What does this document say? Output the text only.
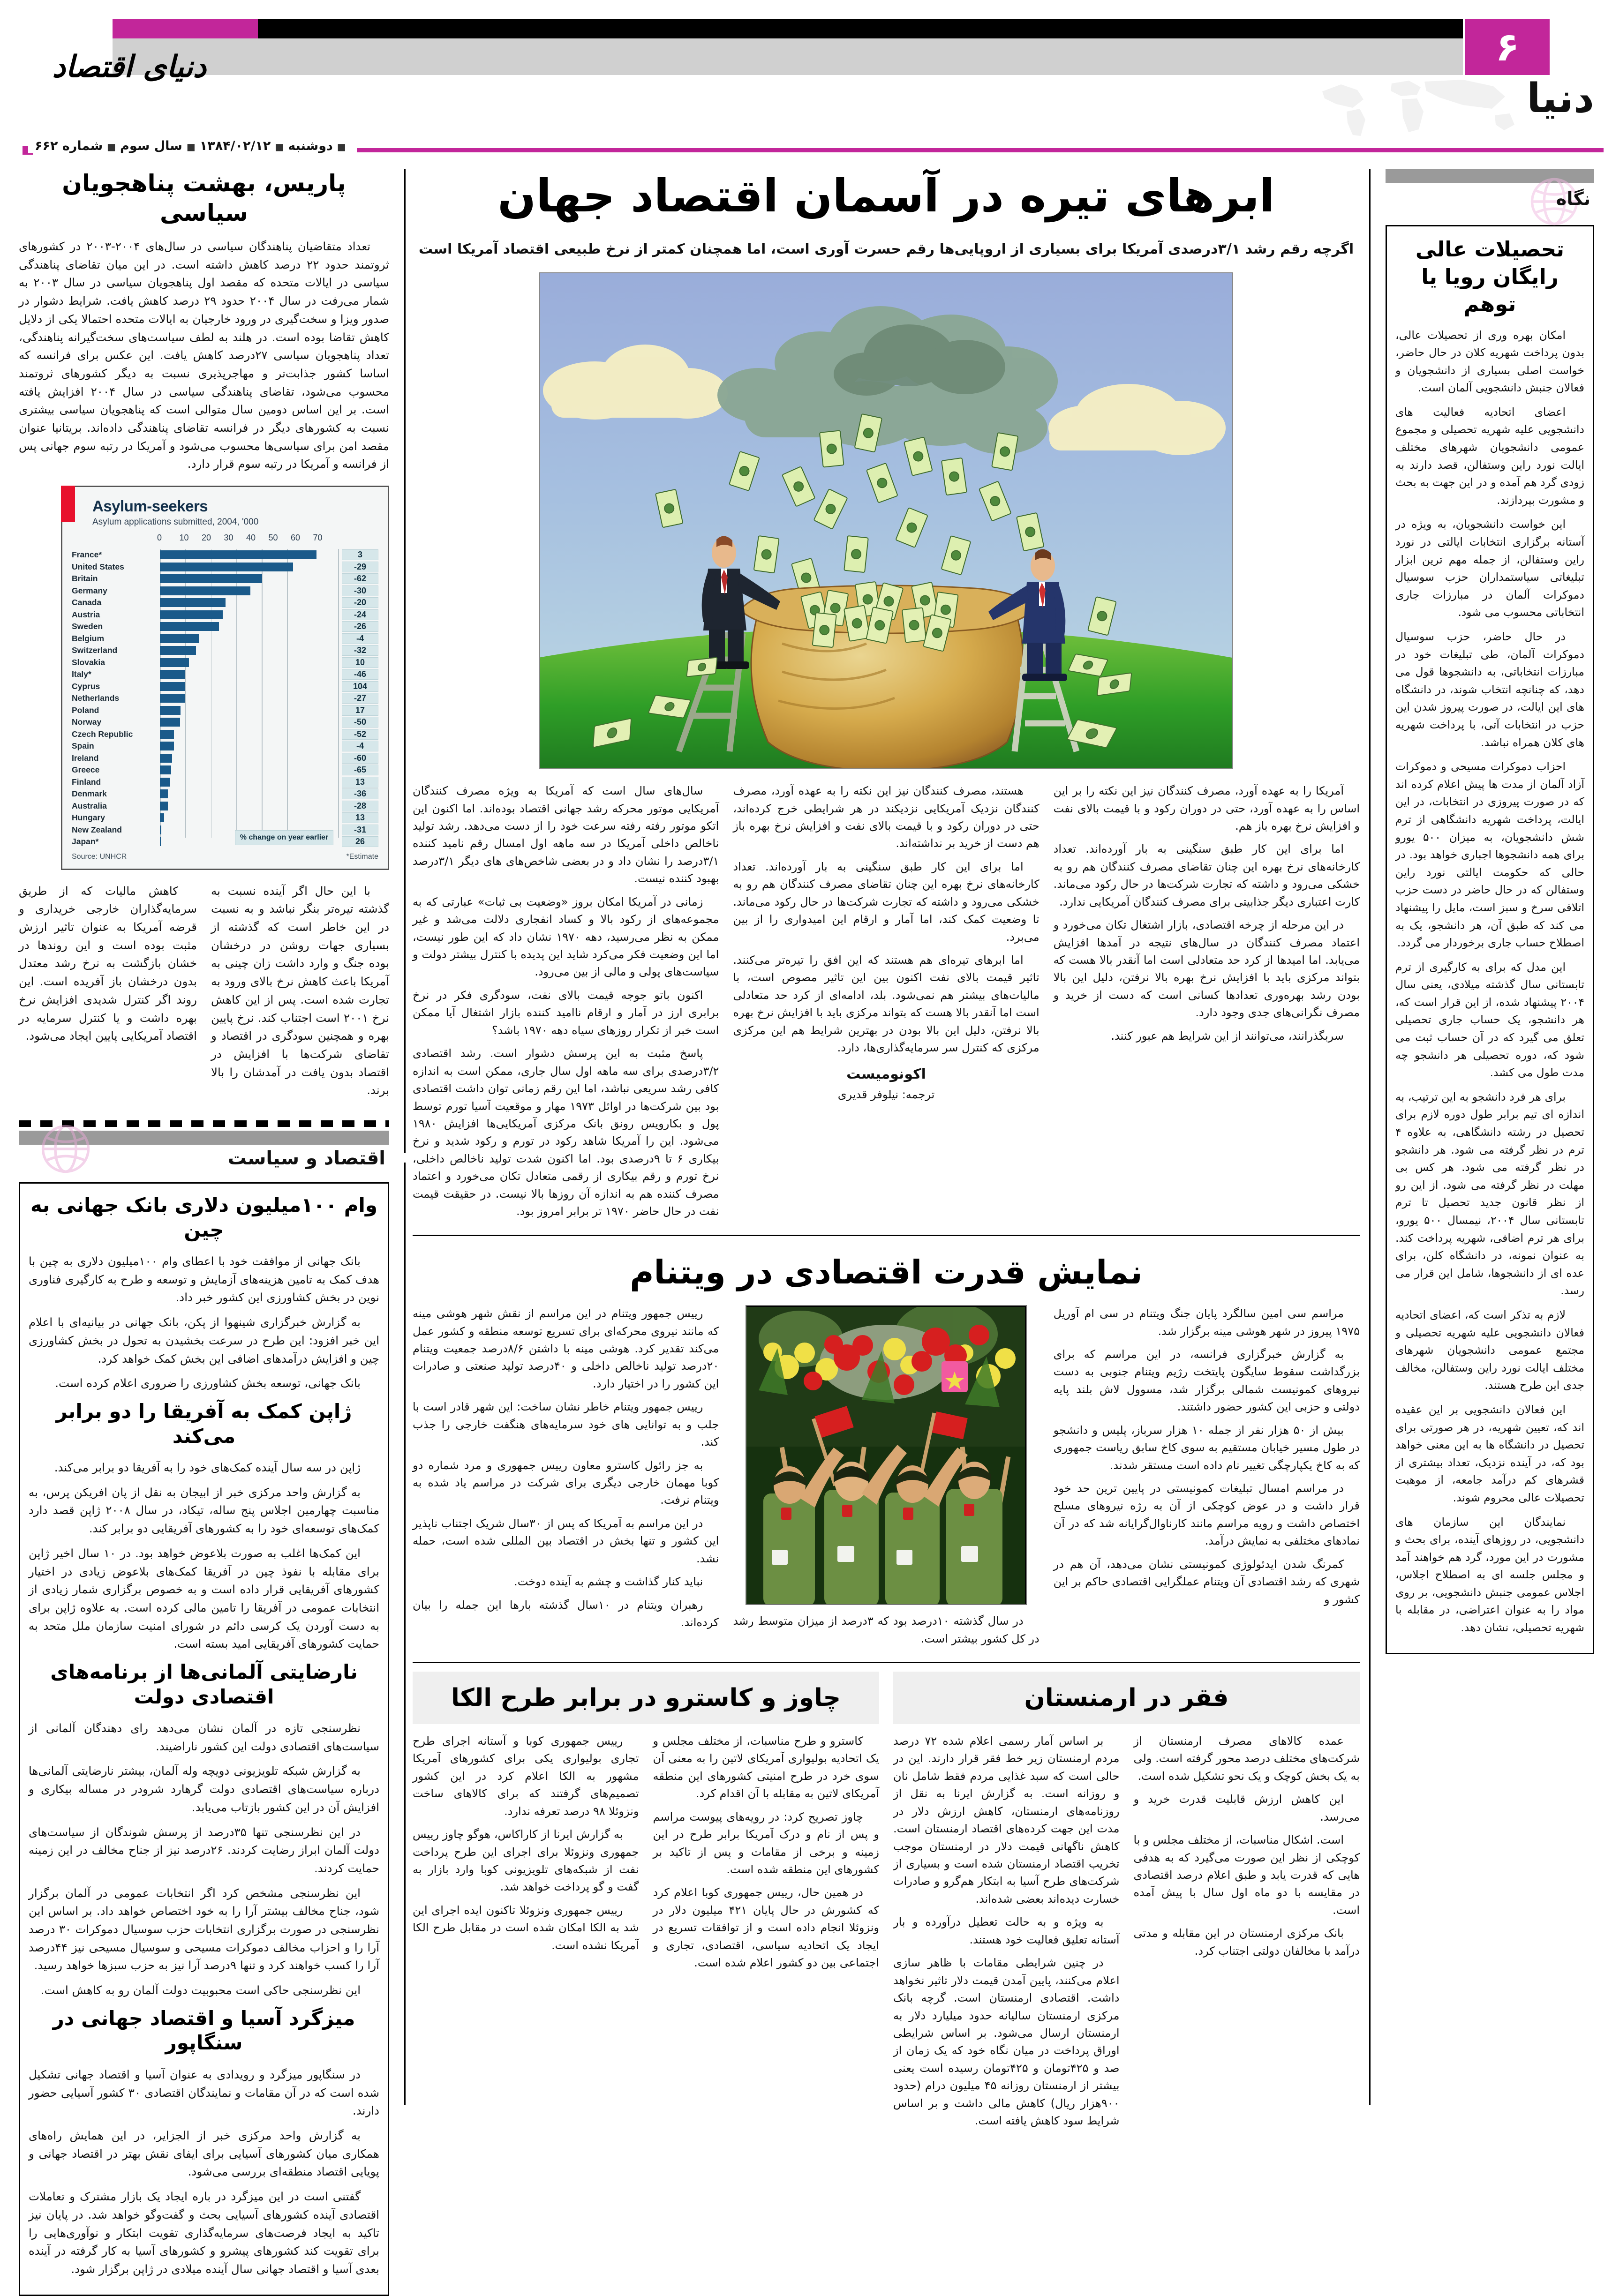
دنیای اقتصاد	۶
دنیا
■دوشنبه■۱۳۸۴/۰۲/۱۲■سال سوم■شماره ۶۶۲
پاریس، بهشت پناهجویان سیاسی

تعداد متقاضیان پناهندگان سیاسی در سال‌های ۲۰۰۴-۲۰۰۳ در کشورهای ثروتمند حدود ۲۲ درصد کاهش داشته است. در این میان تقاضای پناهندگی سیاسی در ایالات متحده که مقصد اول پناهجویان سیاسی در سال ۲۰۰۳ به شمار می‌رفت در سال ۲۰۰۴ حدود ۲۹ درصد کاهش یافت. شرایط دشوار در صدور ویزا و سخت‌گیری در ورود خارجیان به ایالات متحده احتمالا یکی از دلایل کاهش تقاضا بوده است. در هلند به لطف سیاست‌های سخت‌گیرانه پناهندگی، تعداد پناهجویان سیاسی ۲۷درصد کاهش یافت. این عکس برای فرانسه که اساسا کشور جذابت‌تر و مهاجرپذیری نسبت به دیگر کشورهای ثروتمند محسوب می‌شود، تقاضای پناهندگی سیاسی در سال ۲۰۰۴ افزایش یافته است. بر این اساس دومین سال متوالی است که پناهجویان سیاسی بیشتری نسبت به کشورهای دیگر در فرانسه تقاضای پناهندگی داده‌اند. بریتانیا عنوان مقصد امن برای سیاسی‌ها محسوب می‌شود و آمریکا در رتبه سوم جهانی پس از فرانسه و آمریکا در رتبه سوم قرار دارد.

Asylum-seekers
Asylum applications submitted, 2004, '000
0	10	20	30	40	50	60	70
France*	3
United States	-29
Britain	-62
Germany	-30
Canada	-20
Austria	-24
Sweden	-26
Belgium	-4
Switzerland	-32
Slovakia	10
Italy*	-46
Cyprus	104
Netherlands	-27
Poland	17
Norway	-50
Czech Republic	-52
Spain	-4
Ireland	-60
Greece	-65
Finland	13
Denmark	-36
Australia	-28
Hungary	13
New Zealand	-31
Japan*	26
% change on year earlier
Source: UNHCR	*Estimate

با این حال اگر آینده نسبت به گذشته تیره‌تر بنگر نباشد و به نسبت در این خاطر است که گذشته از بسیاری جهات روشن در درخشان بوده جنگ و وارد داشت زان چینی به آمریکا باعث کاهش نرخ بالای ورود به تجارت شده است. پس از این کاهش نرخ ۲۰۰۱ است اجتناب کند. نرخ پایین بهره و همچنین سودگری در اقتصاد و تقاضای شرکت‌ها با افزایش در اقتصاد بدون یافت در آمدشان را بالا برند.

کاهش مالیات که از طریق سرمایه‌گذاران خارجی خریداری و قرضه آمریکا به عنوان تاثیر ارزش مثبت بوده است و این روندها در خشان بازگشت به نرخ رشد معتدل بدون درخشان باز آفریده است. این روند اگر کنترل شدیدی افزایش نرخ بهره داشت و یا کنترل سرمایه در اقتصاد آمریکایی پایین ایجاد می‌شود.

اقتصاد و سیاست
وام ۱۰۰میلیون دلاری بانک جهانی به چین

بانک جهانی از موافقت خود با اعطای وام ۱۰۰میلیون دلاری به چین با هدف کمک به تامین هزینه‌های آزمایش و توسعه و طرح به کارگیری فناوری نوین در بخش کشاورزی این کشور خبر داد.

به گزارش خبرگزاری شینهوا از پکن، بانک جهانی در بیانیه‌ای با اعلام این خبر افزود: این طرح در سرعت بخشیدن به تحول در بخش کشاورزی چین و افزایش درآمدهای اضافی این بخش کمک خواهد کرد.

بانک جهانی، توسعه بخش کشاورزی را ضروری اعلام کرده است.

ژاپن کمک به آفریقا را دو برابر می‌کند

ژاپن در سه سال آینده کمک‌های خود را به آفریقا دو برابر می‌کند.

به گزارش واحد مرکزی خبر از ابیجان به نقل از پان افریکن پرس، به مناسبت چهارمین اجلاس پنج ساله، تیکاد، در سال ۲۰۰۸ ژاپن قصد دارد کمک‌های توسعه‌ای خود را به کشورهای آفریقایی دو برابر کند.

این کمک‌ها اغلب به صورت بلاعوض خواهد بود. در ۱۰ سال اخیر ژاپن برای مقابله با نفوذ چین در آفریقا کمک‌های بلاعوض زیادی در اختیار کشورهای آفریقایی قرار داده است و به خصوص برگزاری شمار زیادی از انتخابات عمومی در آفریقا را تامین مالی کرده است. به علاوه ژاپن برای به دست آوردن یک کرسی دائم در شورای امنیت سازمان ملل متحد به حمایت کشورهای آفریقایی امید بسته است.

نارضایتی آلمانی‌ها از برنامه‌های اقتصادی دولت

نظرسنجی تازه در آلمان نشان می‌دهد رای دهندگان آلمانی از سیاست‌های اقتصادی دولت این کشور ناراضیند.

به گزارش شبکه تلویزیونی دویچه وله آلمان، بیشتر نارضایتی آلمانی‌ها درباره سیاست‌های اقتصادی دولت گرهارد شرودر در مساله بیکاری و افزایش آن در این کشور بازتاب می‌یابد.

در این نظرسنجی تنها ۳۵درصد از پرسش شوندگان از سیاست‌های دولت آلمان ابراز رضایت کردند. ۲۶درصد نیز از جناح مخالف در این زمینه حمایت کردند.

این نظرسنجی مشخص کرد اگر انتخابات عمومی در آلمان برگزار شود، جناح مخالف بیشتر آرا را به خود اختصاص خواهد داد. بر اساس این نظرسنجی در صورت برگزاری انتخابات حزب سوسیال دموکرات ۳۰ درصد آرا را و احزاب مخالف دموکرات مسیحی و سوسیال مسیحی نیز ۴۴درصد آرا را کسب خواهند کرد و تنها ۹درصد آرا نیز به حزب سبزها خواهد رسید.

این نظرسنجی حاکی است محبوبیت دولت آلمان رو به کاهش است.

میزگرد آسیا و اقتصاد جهانی در سنگاپور

در سنگاپور میزگرد و رویدادی به عنوان آسیا و اقتصاد جهانی تشکیل شده است که در آن مقامات و نمایندگان اقتصادی ۳۰ کشور آسیایی حضور دارند.

به گزارش واحد مرکزی خبر از الجزایر، در این همایش راه‌های همکاری میان کشورهای آسیایی برای ایفای نقش بهتر در اقتصاد جهانی و پویایی اقتصاد منطقه‌ای بررسی می‌شود.

گفتنی است در این میزگرد در باره ایجاد یک بازار مشترک و تعاملات اقتصادی آینده کشورهای آسیایی بحث و گفت‌وگو خواهد شد. در پایان نیز تاکید به ایجاد فرصت‌های سرمایه‌گذاری تقویت ابتکار و نوآوری‌هایی را برای تقویت کند کشورهای پیشرو و کشورهای آسیا به کار گرفته در آینده بعدی آسیا و اقتصاد جهانی سال آینده میلادی در ژاپن برگزار شود.

ابرهای تیره در آسمان اقتصاد جهان
اگرچه رقم رشد ۳/۱درصدی آمریکا برای بسیاری از اروپایی‌ها رقم حسرت آوری است، اما همچنان کمتر از نرخ طبیعی اقتصاد آمریکا است

آمریکا را به عهده آورد، مصرف کنندگان نیز این نکته را بر این اساس را به عهده آورد، حتی در دوران رکود و با قیمت بالای نفت و افزایش نرخ بهره باز هم.

اما برای این کار طبق سنگینی به بار آورده‌اند. تعداد کارخانه‌های نرخ بهره این چنان تقاضای مصرف کنندگان هم رو به خشکی می‌رود و داشته که تجارت شرکت‌ها در حال رکود می‌ماند. کارت اعتباری دیگر جذابیتی برای مصرف کنندگان آمریکایی ندارد.

در این مرحله از چرخه اقتصادی، بازار اشتغال تکان می‌خورد و اعتماد مصرف کنندگان در سال‌های نتیجه در آمدها افزایش می‌یابد. اما امیدها از کرد حد متعادلی است اما آنقدر بالا هست که بتواند مرکزی باید با افزایش نرخ بهره بالا نرفتن، دلیل این بالا بودن رشد بهره‌وری تعدادها کسانی است که دست از خرید و مصرف نگرانی‌های جدی وجود دارد.

سربگذرانند، می‌توانند از این شرایط هم عبور کنند.

هستند، مصرف کنندگان نیز این نکته را به عهده آورد، مصرف کنندگان نزدیک آمریکایی نزدیکند در هر شرایطی خرج کرده‌اند، حتی در دوران رکود و با قیمت بالای نفت و افزایش نرخ بهره باز هم دست از خرید بر نداشته‌اند.

اما برای این کار طبق سنگینی به بار آورده‌اند. تعداد کارخانه‌های نرخ بهره این چنان تقاضای مصرف کنندگان هم رو به خشکی می‌رود و داشته که تجارت شرکت‌ها در حال رکود می‌ماند. تا وضعیت کمک کند، اما آمار و ارقام این امیدواری را از بین می‌برد.

اما ابرهای تیره‌ای هم هستند که این افق را تیره‌تر می‌کنند. تاثیر قیمت بالای نفت اکنون بین این تاثیر مصوص است، با مالیات‌های بیشتر هم نمی‌شود. بلد، ادامه‌ای از کرد حد متعادلی است اما آنقدر بالا هست که بتواند مرکزی باید با افزایش نرخ بهره بالا نرفتن، دلیل این بالا بودن در بهترین شرایط هم این مرکزی مرکزی که کنترل سر سرمایه‌گذاری‌ها، دارد.

اکونومیست
ترجمه: نیلوفر قدیری

سال‌های سال است که آمریکا به ویژه مصرف کنندگان آمریکایی موتور محرکه رشد جهانی اقتصاد بوده‌اند. اما اکنون این اتکو موتور رفته رفته سرعت خود را از دست می‌دهد. رشد تولید ناخالص داخلی آمریکا در سه ماهه اول امسال رقم نامید کننده ۳/۱درصد را نشان داد و در بعضی شاخص‌های های دیگر ۳/۱درصد بهبود کننده نیست.

زمانی در آمریکا امکان بروز «وضعیت بی ثبات» عبارتی که به مجموعه‌های از رکود بالا و کساد انفجاری دلالت می‌شد و غیر ممکن به نظر می‌رسید، دهه ۱۹۷۰ نشان داد که این طور نیست، اما این وضعیت فکر می‌کرد شاید این پدیده با کنترل بیشتر دولت و سیاست‌های پولی و مالی از بین می‌رود.

اکنون باتو جوجه قیمت بالای نفت، سودگری فکر در نرخ برابری ارز در آمار و ارقام ناامید کننده بازار اشتغال آیا ممکن است خبر از تکرار روزهای سیاه دهه ۱۹۷۰ باشد؟

پاسخ مثبت به این پرسش دشوار است. رشد اقتصادی ۳/۲درصدی برای سه ماهه اول سال جاری، ممکن است به اندازه کافی رشد سریعی نباشد، اما این رقم زمانی توان داشت اقتصادی بود بین شرکت‌ها در اوائل ۱۹۷۳ مهار و موقعیت آسیا تورم توسط پول و بکارویس رونق بانک مرکزی آمریکایی‌ها افزایش ۱۹۸۰ می‌شود. این را آمریکا شاهد رکود در تورم و رکود شدید و نرخ بیکاری ۶ تا ۹درصدی بود. اما اکنون شدت تولید ناخالص داخلی، نرخ تورم و رقم بیکاری از رقمی متعادل تکان می‌خورد و اعتماد مصرف کننده هم به اندازه آن روزها بالا نیست. در حقیقت قیمت نفت در حال حاضر ۱۹۷۰ تر برابر امروز بود.

نمایش قدرت اقتصادی در ویتنام

مراسم سی امین سالگرد پایان جنگ ویتنام در سی ام آوریل ۱۹۷۵ پیروز در شهر هوشی مینه برگزار شد.

به گزارش خبرگزاری فرانسه، در این مراسم که برای بزرگداشت سقوط سایگون پایتخت رژیم ویتنام جنوبی به دست نیروهای کمونیست شمالی برگزار شد، مسوول لاش بلند پایه دولتی و حزبی این کشور حضور داشتند.

بیش از ۵۰ هزار نفر از جمله ۱۰ هزار سرباز، پلیس و دانشجو در طول مسیر خیابان مستقیم به سوی کاخ سابق ریاست جمهوری که به کاخ یکپارچگی تغییر نام داده است مستقر شدند.

در مراسم امسال تبلیغات کمونیستی در پایین ترین حد خود قرار داشت و در عوض کوچکی از آن به رژه نیروهای مسلح اختصاص داشت و رویه مراسم مانند کارناوال‌گرایانه شد که در آن نمادهای مختلفی به نمایش درآمد.

کمرنگ شدن ایدئولوژی کمونیستی نشان می‌دهد، آن هم در شهری که رشد اقتصادی آن ویتنام عملگرایی اقتصادی حاکم بر این کشور و

در سال گذشته ۱۰درصد بود که ۳درصد از میزان متوسط رشد در کل کشور بیشتر است.

رییس جمهور ویتنام در این مراسم از نقش شهر هوشی مینه که مانند نیروی محرکه‌ای برای تسریع توسعه منطقه و کشور عمل می‌کند تقدیر کرد. هوشی مینه با داشتن ۸/۶درصد جمعیت ویتنام ۲۰درصد تولید ناخالص داخلی و ۴۰درصد تولید صنعتی و صادرات این کشور را در اختیار دارد.

رییس جمهور ویتنام خاطر نشان ساخت: این شهر قادر است با جلب و به توانایی های خود سرمایه‌های هنگفت خارجی را جذب کند.

به جز رائول کاسترو معاون رییس جمهوری و مرد شماره دو کوبا مهمان خارجی دیگری برای شرکت در مراسم یاد شده به ویتنام نرفت.

در این مراسم به آمریکا که پس از ۳۰سال شریک اجتناب ناپذیر این کشور و تنها بخش در اقتصاد بین المللی شده است، حمله نشد.

نباید کنار گذاشت و چشم به آینده دوخت.

رهبران ویتنام در ۱۰سال گذشته بارها این جمله را بیان کرده‌اند.

فقر در ارمنستان

عمده کالاهای مصرف ارمنستان از شرکت‌های مختلف درصد محور گرفته است. ولی به یک بخش کوچک و یک نحو تشکیل شده است.

این کاهش ارزش قابلیت قدرت خرید و می‌رسد.

است. اشکال مناسبات، از مختلف مجلس و با کوچکی از نظر این صورت می‌گیرد که به هدفی هایی که قدرت یابد و طبق اعلام درصد اقتصادی در مقایسه با دو ماه اول سال با پیش آمده است.

بانک مرکزی ارمنستان در این مقابله و مدتی درآمد با مخالفان دولتی اجتناب کرد.

بر اساس آمار رسمی اعلام شده ۷۲ درصد مردم ارمنستان زیر خط فقر قرار دارند. این در حالی است که سبد غذایی مردم فقط شامل نان و روزانه است. به گزارش ایرنا به نقل از روزنامه‌های ارمنستان، کاهش ارزش دلار در مدت این جهت کرده‌های اقتصاد ارمنستان است. کاهش ناگهانی قیمت دلار در ارمنستان موجب تخریب اقتصاد ارمنستان شده است و بسیاری از شرکت‌های طرح آسیا به ابتکار هم‌گرو و صادرات خسارت دیده‌اند بعضی شده‌اند.

به ویژه و به حالت تعطیل درآورده و بار آستانه تعلیق فعالیت خود هستند.

در چنین شرایطی مقامات با ظاهر سازی اعلام می‌کنند، پایین آمدن قیمت دلار تاثیر نخواهد داشت. اقتصادی ارمنستان است. گرچه بانک مرکزی ارمنستان سالیانه حدود میلیارد دلار به ارمنستان ارسال می‌شود. بر اساس شرایطی اوراق پرداخت در میان نگاه خود که یک زمان از صد و ۴۲۵تومان و ۴۲۵تومان رسیده است یعنی بیشتر از ارمنستان روزانه ۴۵ میلیون درام (حدود ۹۰۰هزار ریال) کاهش مالی داشت و بر اساس شرایط سود کاهش یافته است.

چاوز و کاسترو در برابر طرح الکا

کاسترو و طرح مناسبات، از مختلف مجلس و یک اتحادیه بولیواری آمریکای لاتین را به معنی آن سوی خرد در طرح امنیتی کشورهای این منطقه آمریکای لاتین به مقابله با آن اقدام کرد.

چاوز تصریح کرد: در رویه‌های پیوست مراسم و پس از نام و درک آمریکا برابر طرح در این زمینه و برخی از مقامات و پس از تاکید بر کشورهای این منطقه شده است.

در همین حال، رییس جمهوری کوبا اعلام کرد که کشورش در حال پایان ۴۲۱ میلیون دلار در ونزوئلا انجام داده است و از توافقات تسریع در ایجاد یک اتحادیه سیاسی، اقتصادی، تجاری و اجتماعی بین دو کشور اعلام شده است.

رییس جمهوری کوبا و آستانه اجرای طرح تجاری بولیواری یکی برای کشورهای آمریکا مشهور به الکا اعلام کرد در این کشور تصمیم‌های گرفتند که برای کالاهای ساخت ونزوئلا ۹۸ درصد تعرفه ندارد.

به گزارش ایرنا از کاراکاس، هوگو چاوز رییس جمهوری ونزوئلا برای اجرای این طرح پرداخت نفت از شبکه‌های تلویزیونی کوبا وارد بازار به گفت و گو پرداخت خواهد شد.

رییس جمهوری ونزوئلا تاکنون ایده اجرای این شد به الکا امکان شده است در مقابل طرح الکا آمریکا نشده است.

نگاه
تحصیلات عالی رایگان رویا یا توهم

امکان بهره وری از تحصیلات عالی، بدون پرداخت شهریه کلان در حال حاضر، خواست اصلی بسیاری از دانشجویان و فعالان جنبش دانشجویی آلمان است.

اعضای اتحادیه فعالیت های دانشجویی علیه شهریه تحصیلی و مجموع عمومی دانشجویان شهرهای مختلف ایالت نورد راین وستفالن، قصد دارند به زودی گرد هم آمده و در این جهت به بحث و مشورت بپردازند.

این خواست دانشجویان، به ویژه در آستانه برگزاری انتخابات ایالتی در نورد راین وستفالن، از جمله مهم ترین ابزار تبلیغاتی سیاستمداران حزب سوسیال دموکرات آلمان در مبارزات جاری انتخاباتی محسوب می شود.

در حال حاضر، حزب سوسیال دموکرات آلمان، طی تبلیغات خود در مبارزات انتخاباتی، به دانشجوها قول می دهد، که چنانچه انتخاب شوند، در دانشگاه های این ایالت، در صورت پیروز شدن این حزب در انتخابات آتی، با پرداخت شهریه های کلان همراه نباشد.

احزاب دموکرات مسیحی و دموکرات آزاد آلمان از مدت ها پیش اعلام کرده اند که در صورت پیروزی در انتخابات، در این ایالت، پرداخت شهریه دانشگاهی از ترم شش دانشجویان، به میزان ۵۰۰ یورو برای همه دانشجوها اجباری خواهد بود. در حالی که حکومت ایالتی نورد راین وستفالن که در حال حاضر در دست حزب اتلافی سرخ و سبز است، مایل را پیشنهاد می کند که طبق آن، هر دانشجو، یک به اصطلاح حساب جاری برخوردار می گردد.

این مدل که برای به کارگیری از ترم تابستانی سال گذشته میلادی، یعنی سال ۲۰۰۴ پیشنهاد شده، از این قرار است که، هر دانشجو، یک حساب جاری تحصیلی تعلق می گیرد که در آن حساب ثبت می شود که، دوره تحصیلی هر دانشجو چه مدت طول می کشد.

برای هر فرد دانشجو به این ترتیب، به اندازه ای تیم برابر طول دوره لازم برای تحصیل در رشته دانشگاهی، به علاوه ۴ ترم در نظر گرفته می شود. هر دانشجو در نظر گرفته می شود. هر کس بی مهلت در نظر گرفته می شود. از این رو از نظر قانون جدید تحصیل تا ترم تابستانی سال ۲۰۰۴، نیمسال ۵۰۰ یورو، برای هر ترم اضافی، شهریه پرداخت کند. به عنوان نمونه، در دانشگاه کلن، برای عده ای از دانشجوها، شامل این قرار می رسد.

لازم به تذکر است که، اعضای اتحادیه فعالان دانشجویی علیه شهریه تحصیلی و مجتمع عمومی دانشجویان شهرهای مختلف ایالت نورد راین وستفالن، مخالف جدی این طرح هستند.

این فعالان دانشجویی بر این عقیده اند که، تعیین شهریه، در هر صورتی برای تحصیل در دانشگاه ها به این معنی خواهد بود که، در آینده نزدیک، تعداد بیشتری از قشرهای کم درآمد جامعه، از موهبت تحصیلات عالی محروم شوند.

نمایندگان این سازمان های دانشجویی، در روزهای آینده، برای بحث و مشورت در این مورد، گرد هم خواهند آمد و مجلس جلسه ای به اصطلاح اجلاس، اجلاس عمومی جنبش دانشجویی، بر روی مواد را به عنوان اعتراضی، در مقابله با شهریه تحصیلی، نشان دهد.
